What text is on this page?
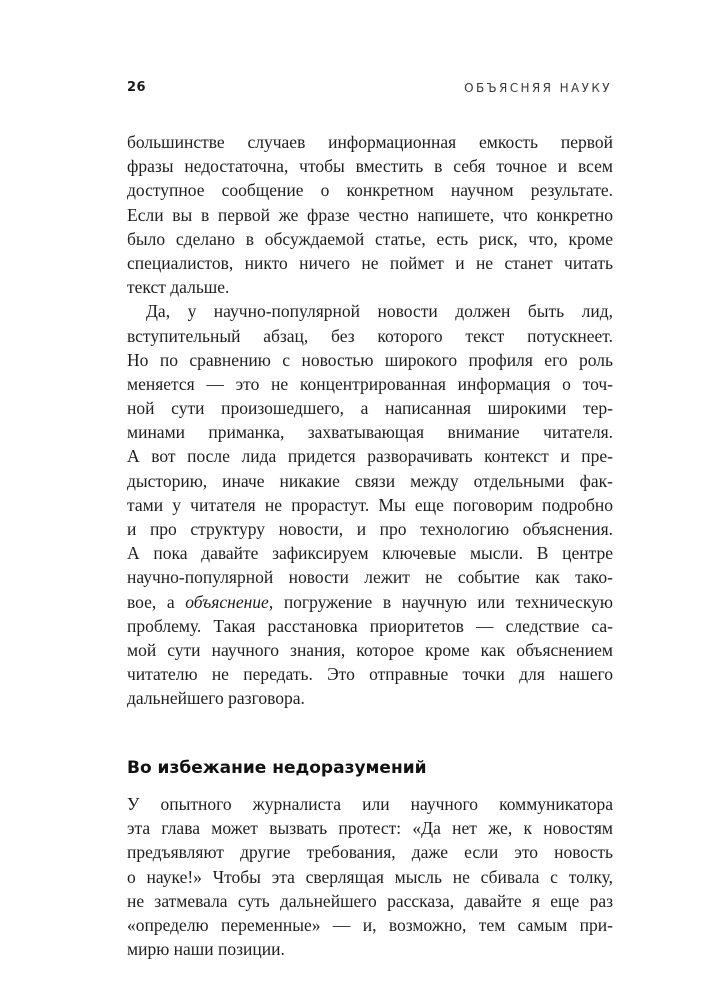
26	ОБЪЯСНЯЯ НАУКУ
большинстве случаев информационная емкость первой
фразы недостаточна, чтобы вместить в себя точное и всем
доступное сообщение о конкретном научном результате.
Если вы в первой же фразе честно напишете, что конкретно
было сделано в обсуждаемой статье, есть риск, что, кроме
специалистов, никто ничего не поймет и не станет читать
текст дальше.
Да, у научно-популярной новости должен быть лид,
вступительный абзац, без которого текст потускнеет.
Но по сравнению с новостью широкого профиля его роль
меняется — это не концентрированная информация о точ-
ной сути произошедшего, а написанная широкими тер-
минами приманка, захватывающая внимание читателя.
А вот после лида придется разворачивать контекст и пре-
дысторию, иначе никакие связи между отдельными фак-
тами у читателя не прорастут. Мы еще поговорим подробно
и про структуру новости, и про технологию объяснения.
А пока давайте зафиксируем ключевые мысли. В центре
научно-популярной новости лежит не событие как тако-
вое, а объяснение, погружение в научную или техническую
проблему. Такая расстановка приоритетов — следствие са-
мой сути научного знания, которое кроме как объяснением
читателю не передать. Это отправные точки для нашего
дальнейшего разговора.
Во избежание недоразумений
У опытного журналиста или научного коммуникатора
эта глава может вызвать протест: «Да нет же, к новостям
предъявляют другие требования, даже если это новость
о науке!» Чтобы эта сверлящая мысль не сбивала с толку,
не затмевала суть дальнейшего рассказа, давайте я еще раз
«определю переменные» — и, возможно, тем самым при-
мирю наши позиции.
